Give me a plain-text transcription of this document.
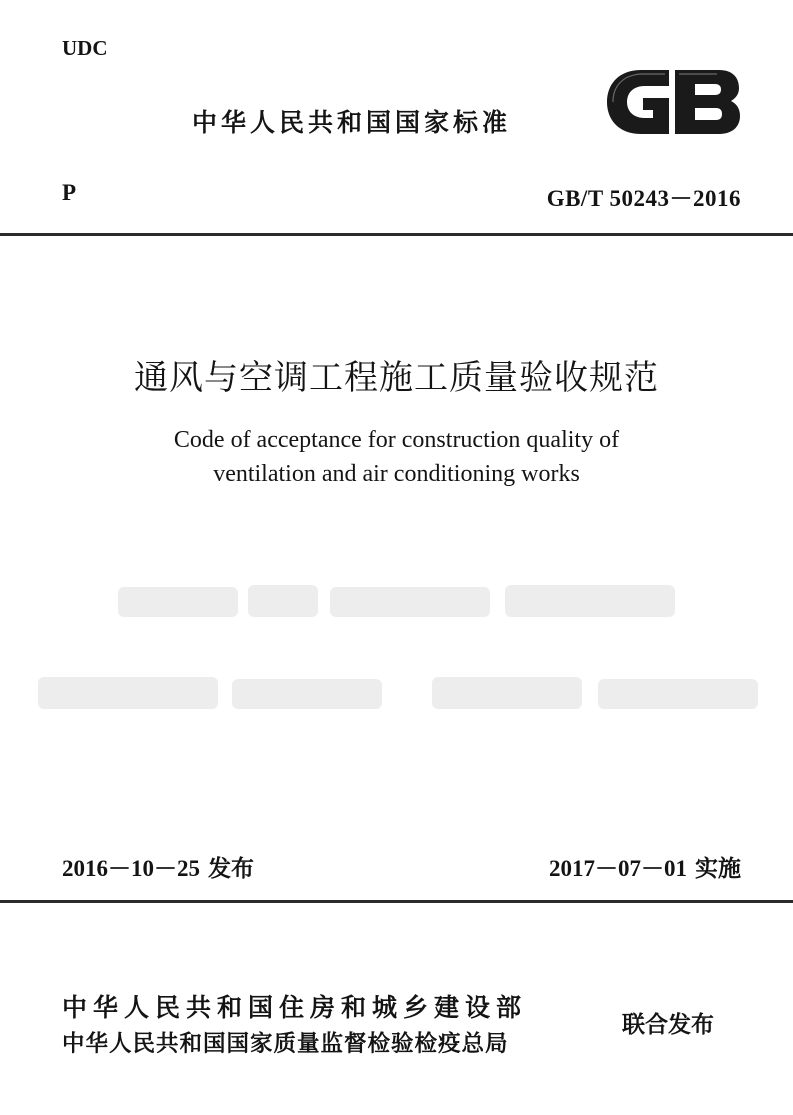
UDC
中华人民共和国国家标准
P	GB/T 50243－2016
通风与空调工程施工质量验收规范
Code of acceptance for construction quality of
ventilation and air conditioning works
2016－10－25 发布	2017－07－01 实施
中华人民共和国住房和城乡建设部
中华人民共和国国家质量监督检验检疫总局
联合发布
